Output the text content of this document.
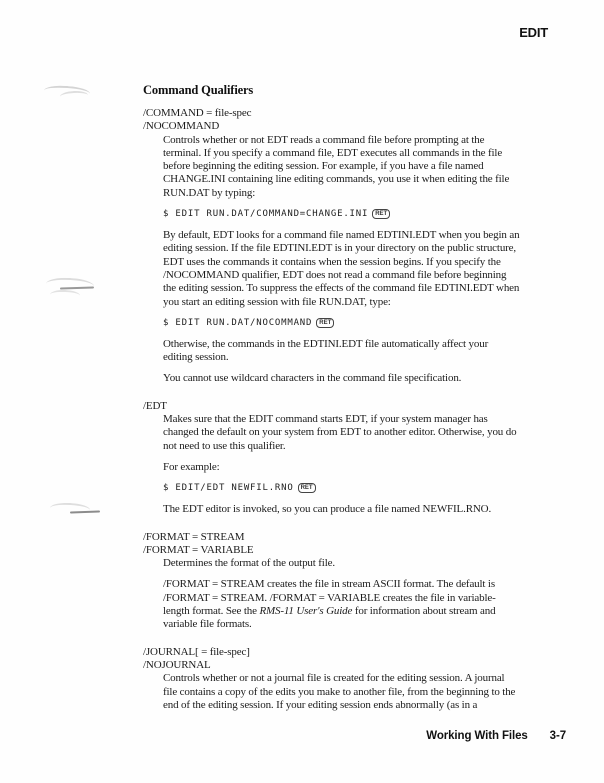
EDIT
Command Qualifiers
/COMMAND = file-spec
/NOCOMMAND

Controls whether or not EDT reads a command file before prompting at the terminal. If you specify a command file, EDT executes all commands in the file before beginning the editing session. For example, if you have a file named CHANGE.INI containing line editing commands, you use it when editing the file RUN.DAT by typing:

$ EDIT RUN.DAT/COMMAND=CHANGE.INI RET

By default, EDT looks for a command file named EDTINI.EDT when you begin an editing session. If the file EDTINI.EDT is in your directory on the public structure, EDT uses the commands it contains when the session begins. If you specify the /NOCOMMAND qualifier, EDT does not read a command file before beginning the editing session. To suppress the effects of the command file EDTINI.EDT when you start an editing session with file RUN.DAT, type:

$ EDIT RUN.DAT/NOCOMMAND RET

Otherwise, the commands in the EDTINI.EDT file automatically affect your editing session.

You cannot use wildcard characters in the command file specification.

/EDT

Makes sure that the EDIT command starts EDT, if your system manager has changed the default on your system from EDT to another editor. Otherwise, you do not need to use this qualifier.

For example:

$ EDIT/EDT NEWFIL.RNO RET

The EDT editor is invoked, so you can produce a file named NEWFIL.RNO.

/FORMAT = STREAM
/FORMAT = VARIABLE

Determines the format of the output file.

/FORMAT = STREAM creates the file in stream ASCII format. The default is /FORMAT = STREAM. /FORMAT = VARIABLE creates the file in variable-length format. See the RMS-11 User's Guide for information about stream and variable file formats.

/JOURNAL[ = file-spec]
/NOJOURNAL

Controls whether or not a journal file is created for the editing session. A journal file contains a copy of the edits you make to another file, from the beginning to the end of the editing session. If your editing session ends abnormally (as in a

Working With Files 3-7
